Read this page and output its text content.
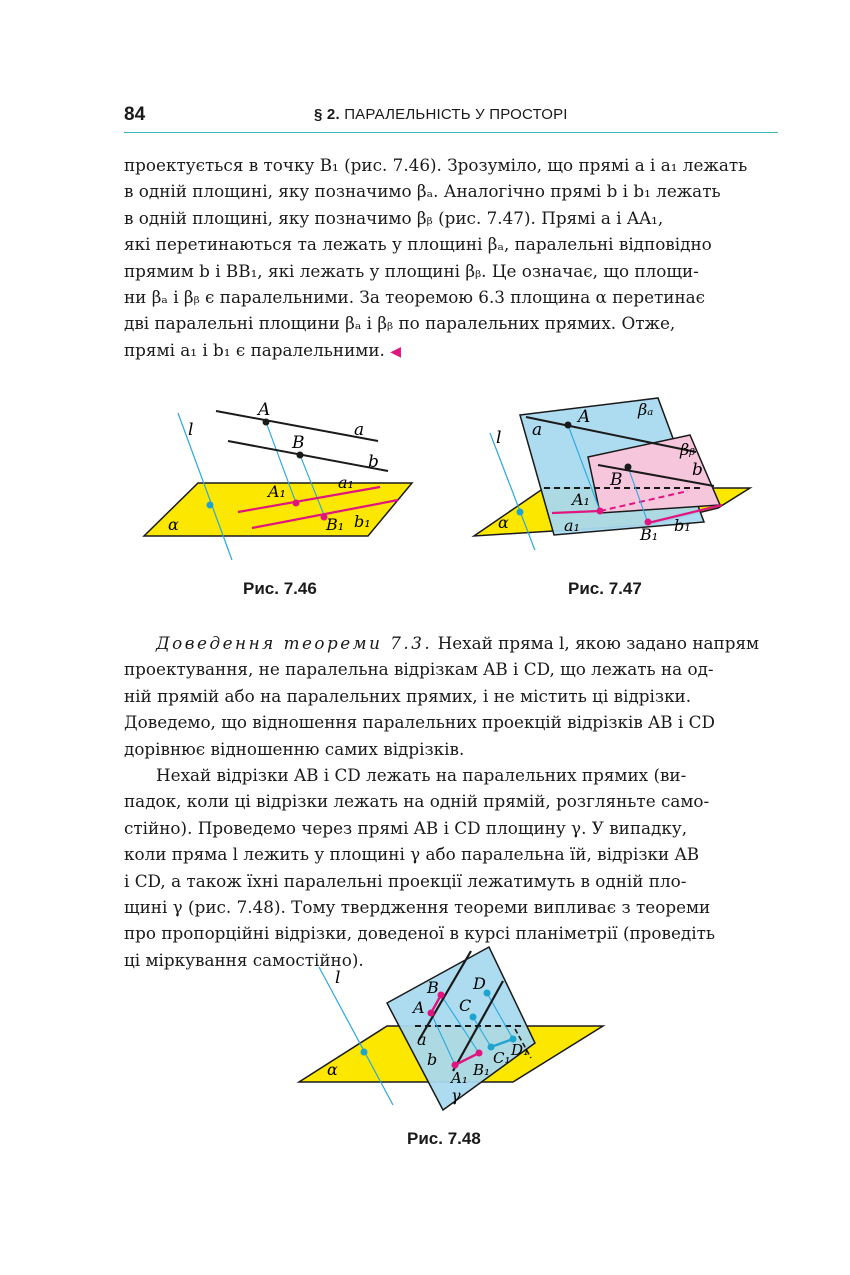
84	§ 2. ПАРАЛЕЛЬНІСТЬ У ПРОСТОРІ

проектується в точку B₁ (рис. 7.46). Зрозуміло, що прямі a і a₁ лежать

в одній площині, яку позначимо βₐ. Аналогічно прямі b і b₁ лежать

в одній площині, яку позначимо βᵦ (рис. 7.47). Прямі a і AA₁,

які перетинаються та лежать у площині βₐ, паралельні відповідно

прямим b і BB₁, які лежать у площині βᵦ. Це означає, що площи-

ни βₐ і βᵦ є паралельними. За теоремою 6.3 площина α перетинає

дві паралельні площини βₐ і βᵦ по паралельних прямих. Отже,

прямі a₁ і b₁ є паралельними. ◀

l
A
B
a
b
A₁	a₁
B₁ b₁
α
Рис. 7.46
l
A
a
βₐ
βᵦ
b
B
A₁
a₁	B₁ b₁
α
Рис. 7.47

Доведення теореми 7.3. Нехай пряма l, якою задано напрям

проектування, не паралельна відрізкам AB і CD, що лежать на од-

ній прямій або на паралельних прямих, і не містить ці відрізки.

Доведемо, що відношення паралельних проекцій відрізків AB і CD

дорівнює відношенню самих відрізків.

Нехай відрізки AB і CD лежать на паралельних прямих (ви-

падок, коли ці відрізки лежать на одній прямій, розгляньте само-

стійно). Проведемо через прямі AB і CD площину γ. У випадку,

коли пряма l лежить у площині γ або паралельна їй, відрізки AB

і CD, а також їхні паралельні проекції лежатимуть в одній пло-

щині γ (рис. 7.48). Тому твердження теореми випливає з теореми

про пропорційні відрізки, доведеної в курсі планіметрії (проведіть

ці міркування самостійно).

l	B D
A C
a
b	D₁
C₁
A₁ B₁
γ
α
Рис. 7.48
